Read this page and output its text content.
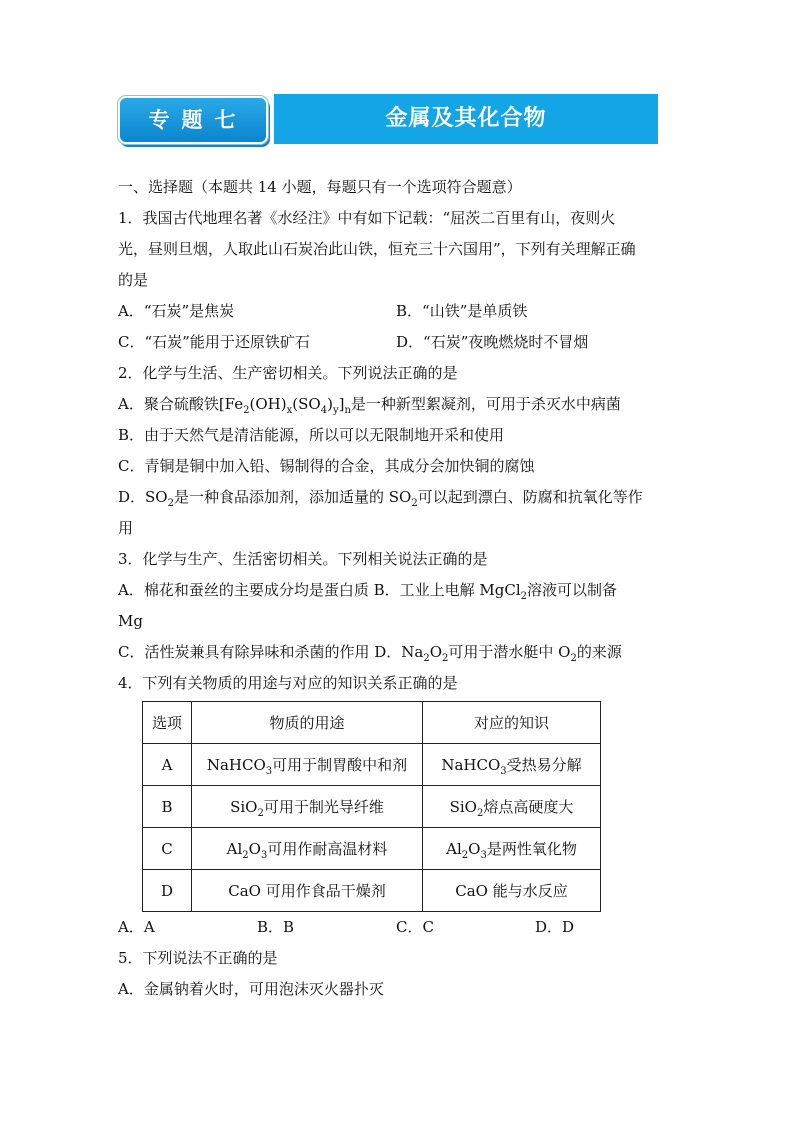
专题七	金属及其化合物
一、选择题（本题共 14 小题，每题只有一个选项符合题意）
1．我国古代地理名著《水经注》中有如下记载：“屈茨二百里有山，夜则火
光，昼则旦烟，人取此山石炭冶此山铁，恒充三十六国用”，下列有关理解正确
的是
A．“石炭”是焦炭	B．“山铁”是单质铁
C．“石炭”能用于还原铁矿石	D．“石炭”夜晚燃烧时不冒烟
2．化学与生活、生产密切相关。下列说法正确的是
A．聚合硫酸铁$[Fe_2(OH)_x(SO_4)_y]_n$是一种新型絮凝剂，可用于杀灭水中病菌
B．由于天然气是清洁能源，所以可以无限制地开采和使用
C．青铜是铜中加入铅、锡制得的合金，其成分会加快铜的腐蚀
D．$SO_2$是一种食品添加剂，添加适量的 $SO_2$可以起到漂白、防腐和抗氧化等作
用
3．化学与生产、生活密切相关。下列相关说法正确的是
A．棉花和蚕丝的主要成分均是蛋白质 B．工业上电解 MgCl$_2$溶液可以制备
Mg
C．活性炭兼具有除异味和杀菌的作用 D．$Na_2O_2$可用于潜水艇中 $O_2$的来源
4．下列有关物质的用途与对应的知识关系正确的是
选项	物质的用途	对应的知识
A	NaHCO$_3$可用于制胃酸中和剂	NaHCO$_3$受热易分解
B	SiO$_2$可用于制光导纤维	SiO$_2$熔点高硬度大
C	$Al_2O_3$可用作耐高温材料	$Al_2O_3$是两性氧化物
D	CaO 可用作食品干燥剂	CaO 能与水反应
A．A	B．B	C．C	D．D
5．下列说法不正确的是
A．金属钠着火时，可用泡沫灭火器扑灭
